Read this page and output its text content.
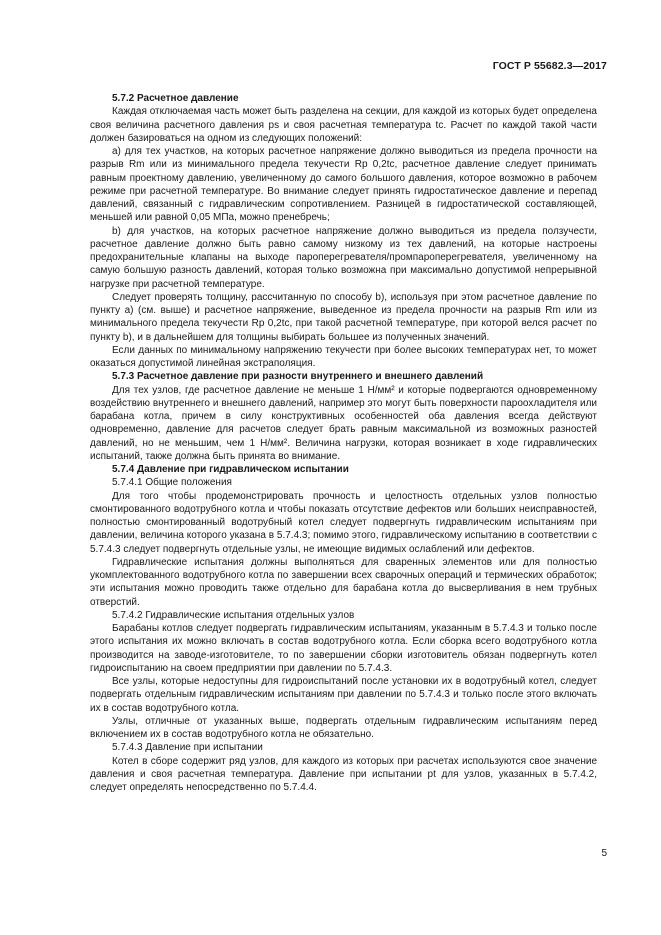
ГОСТ Р 55682.3—2017

5.7.2 Расчетное давление

Каждая отключаемая часть может быть разделена на секции, для каждой из которых будет определена своя величина расчетного давления ps и своя расчетная температура tc. Расчет по каждой такой части должен базироваться на одном из следующих положений:

a) для тех участков, на которых расчетное напряжение должно выводиться из предела прочности на разрыв Rm или из минимального предела текучести Rp 0,2tc, расчетное давление следует принимать равным проектному давлению, увеличенному до самого большого давления, которое возможно в рабочем режиме при расчетной температуре. Во внимание следует принять гидростатическое давление и перепад давлений, связанный с гидравлическим сопротивлением. Разницей в гидростатической составляющей, меньшей или равной 0,05 МПа, можно пренебречь;

b) для участков, на которых расчетное напряжение должно выводиться из предела ползучести, расчетное давление должно быть равно самому низкому из тех давлений, на которые настроены предохранительные клапаны на выходе пароперегревателя/промпароперегревателя, увеличенному на самую большую разность давлений, которая только возможна при максимально допустимой непрерывной нагрузке при расчетной температуре.

Следует проверять толщину, рассчитанную по способу b), используя при этом расчетное давление по пункту a) (см. выше) и расчетное напряжение, выведенное из предела прочности на разрыв Rm или из минимального предела текучести Rp 0,2tc, при такой расчетной температуре, при которой велся расчет по пункту b), и в дальнейшем для толщины выбирать большее из полученных значений.

Если данных по минимальному напряжению текучести при более высоких температурах нет, то может оказаться допустимой линейная экстраполяция.

5.7.3 Расчетное давление при разности внутреннего и внешнего давлений

Для тех узлов, где расчетное давление не меньше 1 Н/мм² и которые подвергаются одновременному воздействию внутреннего и внешнего давлений, например это могут быть поверхности пароохладителя или барабана котла, причем в силу конструктивных особенностей оба давления всегда действуют одновременно, давление для расчетов следует брать равным максимальной из возможных разностей давлений, но не меньшим, чем 1 Н/мм². Величина нагрузки, которая возникает в ходе гидравлических испытаний, также должна быть принята во внимание.

5.7.4 Давление при гидравлическом испытании

5.7.4.1 Общие положения

Для того чтобы продемонстрировать прочность и целостность отдельных узлов полностью смонтированного водотрубного котла и чтобы показать отсутствие дефектов или больших неисправностей, полностью смонтированный водотрубный котел следует подвергнуть гидравлическим испытаниям при давлении, величина которого указана в 5.7.4.3; помимо этого, гидравлическому испытанию в соответствии с 5.7.4.3 следует подвергнуть отдельные узлы, не имеющие видимых ослаблений или дефектов.

Гидравлические испытания должны выполняться для сваренных элементов или для полностью укомплектованного водотрубного котла по завершении всех сварочных операций и термических обработок; эти испытания можно проводить также отдельно для барабана котла до высверливания в нем трубных отверстий.

5.7.4.2 Гидравлические испытания отдельных узлов

Барабаны котлов следует подвергать гидравлическим испытаниям, указанным в 5.7.4.3 и только после этого испытания их можно включать в состав водотрубного котла. Если сборка всего водотрубного котла производится на заводе-изготовителе, то по завершении сборки изготовитель обязан подвергнуть котел гидроиспытанию на своем предприятии при давлении по 5.7.4.3.

Все узлы, которые недоступны для гидроиспытаний после установки их в водотрубный котел, следует подвергать отдельным гидравлическим испытаниям при давлении по 5.7.4.3 и только после этого включать их в состав водотрубного котла.

Узлы, отличные от указанных выше, подвергать отдельным гидравлическим испытаниям перед включением их в состав водотрубного котла не обязательно.

5.7.4.3 Давление при испытании

Котел в сборе содержит ряд узлов, для каждого из которых при расчетах используются свое значение давления и своя расчетная температура. Давление при испытании pt для узлов, указанных в 5.7.4.2, следует определять непосредственно по 5.7.4.4.

5
